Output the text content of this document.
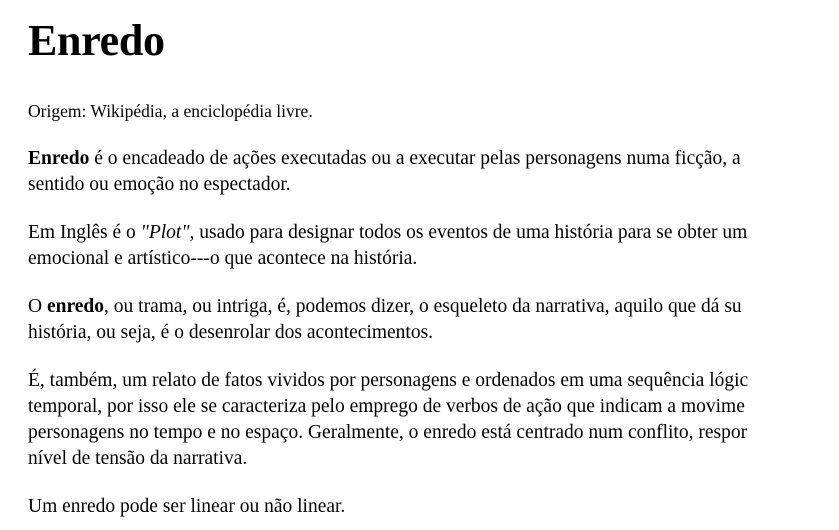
Enredo
Origem: Wikipédia, a enciclopédia livre.

Enredo é o encadeado de ações executadas ou a executar pelas personagens numa ficção, a
sentido ou emoção no espectador.

Em Inglês é o "Plot", usado para designar todos os eventos de uma história para se obter um
emocional e artístico---o que acontece na história.

O enredo, ou trama, ou intriga, é, podemos dizer, o esqueleto da narrativa, aquilo que dá su
história, ou seja, é o desenrolar dos acontecimentos.

É, também, um relato de fatos vividos por personagens e ordenados em uma sequência lógic
temporal, por isso ele se caracteriza pelo emprego de verbos de ação que indicam a movime
personagens no tempo e no espaço. Geralmente, o enredo está centrado num conflito, respor
nível de tensão da narrativa.

Um enredo pode ser linear ou não linear.
